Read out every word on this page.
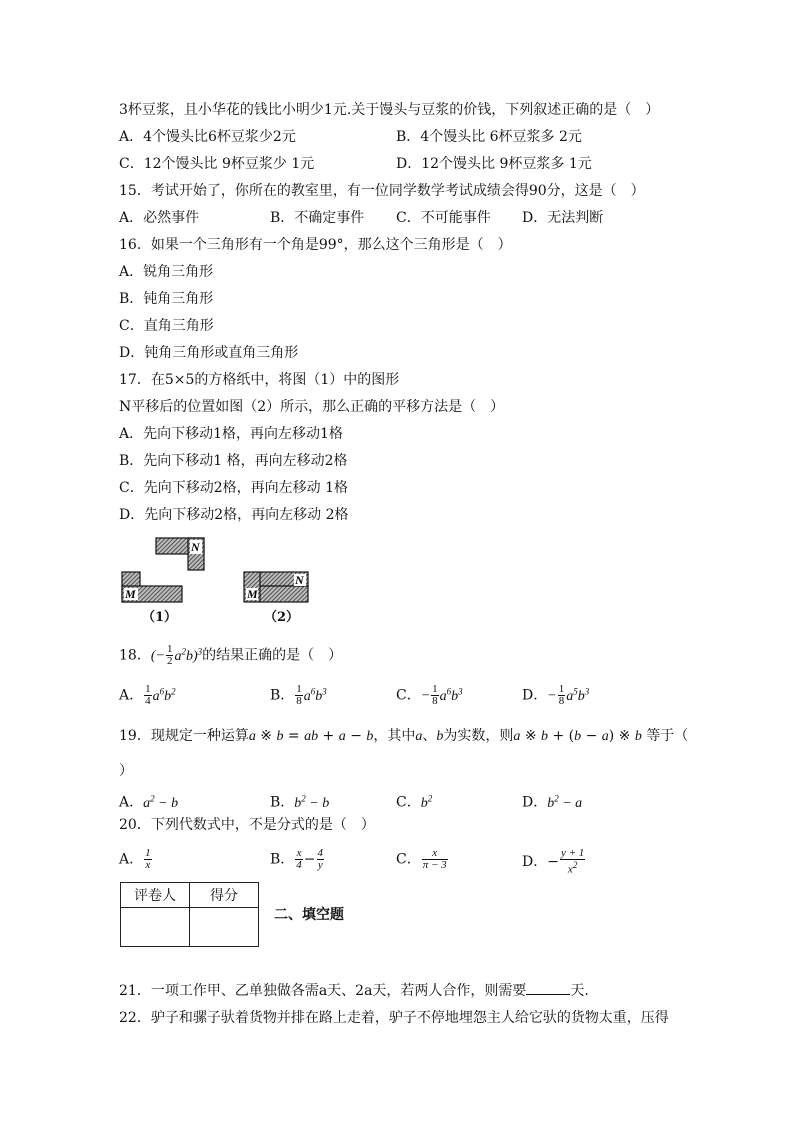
3杯豆浆，且小华花的钱比小明少1元.关于馒头与豆浆的价钱，下列叙述正确的是（　）
A．4个馒头比6杯豆浆少2元	B．4个馒头比 6杯豆浆多 2元
C．12个馒头比 9杯豆浆少 1元	D．12个馒头比 9杯豆浆多 1元
15．考试开始了，你所在的教室里，有一位同学数学考试成绩会得90分，这是（　）
A．必然事件	B．不确定事件 C．不可能事件 D．无法判断
16．如果一个三角形有一个角是99°，那么这个三角形是（　）
A．锐角三角形
B．钝角三角形
C．直角三角形
D．钝角三角形或直角三角形
17．在5×5的方格纸中，将图（1）中的图形
N平移后的位置如图（2）所示，那么正确的平移方法是（　）
A．先向下移动1格，再向左移动1格
B．先向下移动1 格，再向左移动2格
C．先向下移动2格，再向左移动 1格
D．先向下移动2格，再向左移动 2格
N
M	M
N
（1）	（2）
18．(− $\frac{1}{2} a^2b)^3$的结果正确的是（　）
A． $\frac{1}{4} a^6b^2$	B． $\frac{1}{8} a^6b^3$	C．− $\frac{1}{8} a^6b^3$	D．− $\frac{1}{8} a^5b^3$
19．现规定一种运算a ※ b = ab + a − b，其中a、b为实数，则a ※ b + (b − a) ※ b 等于（
）
A．$a^2 - b$	B．$b^2 - b$	C．$b^2$	D．$b^2 - a$
20．下列代数式中，不是分式的是（　）
A． $\frac{1}{x}$	B． $\frac{x}{4} - \frac{4}{y}$	C． $\frac{x}{\pi - 3}$	D．− $\frac{y + 1}{x^2}$
评卷人	得分

二、填空题
21．一项工作甲、乙单独做各需a天、2a天，若两人合作，则需要	天.
22．驴子和骡子驮着货物并排在路上走着，驴子不停地埋怨主人给它驮的货物太重，压得
